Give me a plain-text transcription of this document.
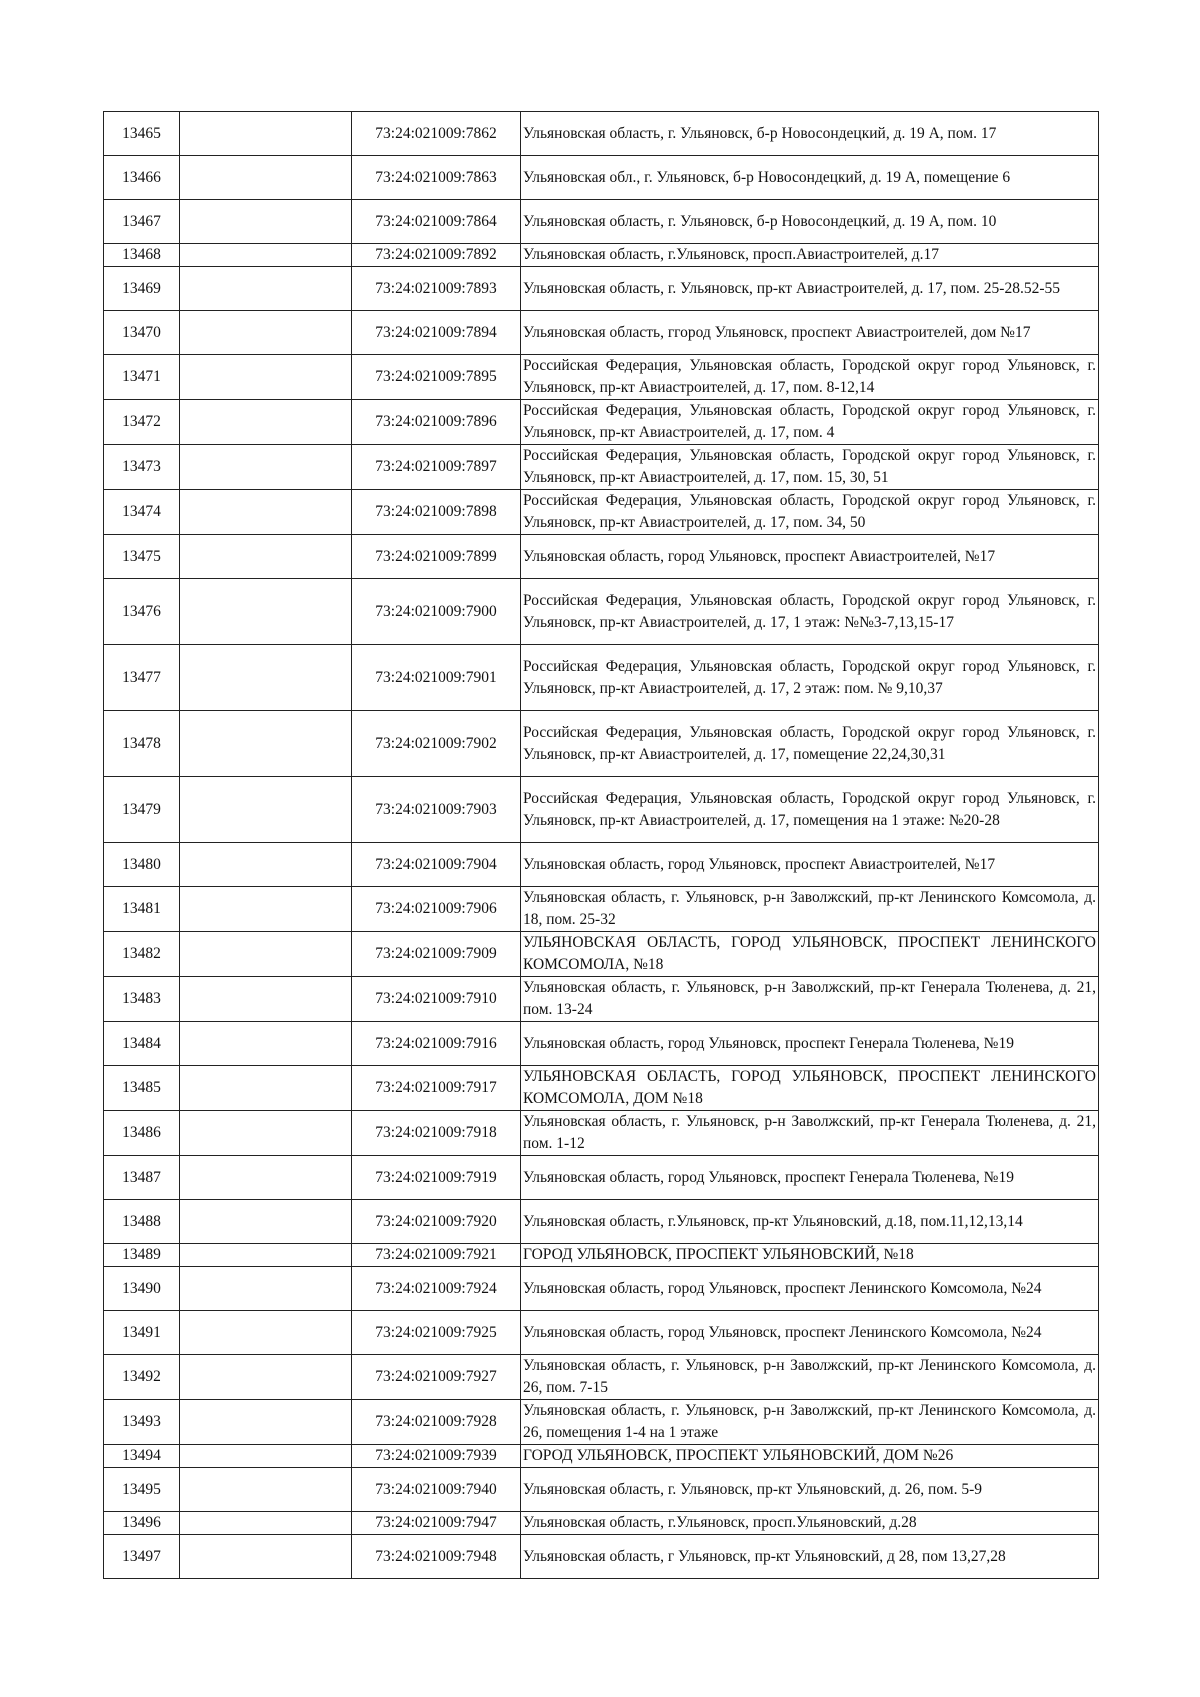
13465		73:24:021009:7862	Ульяновская область, г. Ульяновск, б-р Новосондецкий, д. 19 А, пом. 17
13466		73:24:021009:7863	Ульяновская обл., г. Ульяновск, б-р Новосондецкий, д. 19 А, помещение 6
13467		73:24:021009:7864	Ульяновская область, г. Ульяновск, б-р Новосондецкий, д. 19 А, пом. 10
13468		73:24:021009:7892	Ульяновская область, г.Ульяновск, просп.Авиастроителей, д.17
13469		73:24:021009:7893	Ульяновская область, г. Ульяновск, пр-кт Авиастроителей, д. 17, пом. 25-28.52-55
13470		73:24:021009:7894	Ульяновская область, ггород Ульяновск, проспект Авиастроителей, дом №17
13471		73:24:021009:7895	Российская Федерация, Ульяновская область, Городской округ город Ульяновск, г. Ульяновск, пр-кт Авиастроителей, д. 17, пом. 8-12,14
13472		73:24:021009:7896	Российская Федерация, Ульяновская область, Городской округ город Ульяновск, г. Ульяновск, пр-кт Авиастроителей, д. 17, пом. 4
13473		73:24:021009:7897	Российская Федерация, Ульяновская область, Городской округ город Ульяновск, г. Ульяновск, пр-кт Авиастроителей, д. 17, пом. 15, 30, 51
13474		73:24:021009:7898	Российская Федерация, Ульяновская область, Городской округ город Ульяновск, г. Ульяновск, пр-кт Авиастроителей, д. 17, пом. 34, 50
13475		73:24:021009:7899	Ульяновская область, город Ульяновск, проспект Авиастроителей, №17
13476		73:24:021009:7900	Российская Федерация, Ульяновская область, Городской округ город Ульяновск, г. Ульяновск, пр-кт Авиастроителей, д. 17, 1 этаж: №№3-7,13,15-17
13477		73:24:021009:7901	Российская Федерация, Ульяновская область, Городской округ город Ульяновск, г. Ульяновск, пр-кт Авиастроителей, д. 17, 2 этаж: пом. № 9,10,37
13478		73:24:021009:7902	Российская Федерация, Ульяновская область, Городской округ город Ульяновск, г. Ульяновск, пр-кт Авиастроителей, д. 17, помещение 22,24,30,31
13479		73:24:021009:7903	Российская Федерация, Ульяновская область, Городской округ город Ульяновск, г. Ульяновск, пр-кт Авиастроителей, д. 17, помещения на 1 этаже: №20-28
13480		73:24:021009:7904	Ульяновская область, город Ульяновск, проспект Авиастроителей, №17
13481		73:24:021009:7906	Ульяновская область, г. Ульяновск, р-н Заволжский, пр-кт Ленинского Комсомола, д. 18, пом. 25-32
13482		73:24:021009:7909	УЛЬЯНОВСКАЯ ОБЛАСТЬ, ГОРОД УЛЬЯНОВСК, ПРОСПЕКТ ЛЕНИНСКОГО КОМСОМОЛА, №18
13483		73:24:021009:7910	Ульяновская область, г. Ульяновск, р-н Заволжский, пр-кт Генерала Тюленева, д. 21, пом. 13-24
13484		73:24:021009:7916	Ульяновская область, город Ульяновск, проспект Генерала Тюленева, №19
13485		73:24:021009:7917	УЛЬЯНОВСКАЯ ОБЛАСТЬ, ГОРОД УЛЬЯНОВСК, ПРОСПЕКТ ЛЕНИНСКОГО КОМСОМОЛА, ДОМ №18
13486		73:24:021009:7918	Ульяновская область, г. Ульяновск, р-н Заволжский, пр-кт Генерала Тюленева, д. 21, пом. 1-12
13487		73:24:021009:7919	Ульяновская область, город Ульяновск, проспект Генерала Тюленева, №19
13488		73:24:021009:7920	Ульяновская область, г.Ульяновск, пр-кт Ульяновский, д.18, пом.11,12,13,14
13489		73:24:021009:7921	ГОРОД УЛЬЯНОВСК, ПРОСПЕКТ УЛЬЯНОВСКИЙ, №18
13490		73:24:021009:7924	Ульяновская область, город Ульяновск, проспект Ленинского Комсомола, №24
13491		73:24:021009:7925	Ульяновская область, город Ульяновск, проспект Ленинского Комсомола, №24
13492		73:24:021009:7927	Ульяновская область, г. Ульяновск, р-н Заволжский, пр-кт Ленинского Комсомола, д. 26, пом. 7-15
13493		73:24:021009:7928	Ульяновская область, г. Ульяновск, р-н Заволжский, пр-кт Ленинского Комсомола, д. 26, помещения 1-4 на 1 этаже
13494		73:24:021009:7939	ГОРОД УЛЬЯНОВСК, ПРОСПЕКТ УЛЬЯНОВСКИЙ, ДОМ №26
13495		73:24:021009:7940	Ульяновская область, г. Ульяновск, пр-кт Ульяновский, д. 26, пом. 5-9
13496		73:24:021009:7947	Ульяновская область, г.Ульяновск, просп.Ульяновский, д.28
13497		73:24:021009:7948	Ульяновская область, г Ульяновск, пр-кт Ульяновский, д 28, пом 13,27,28
